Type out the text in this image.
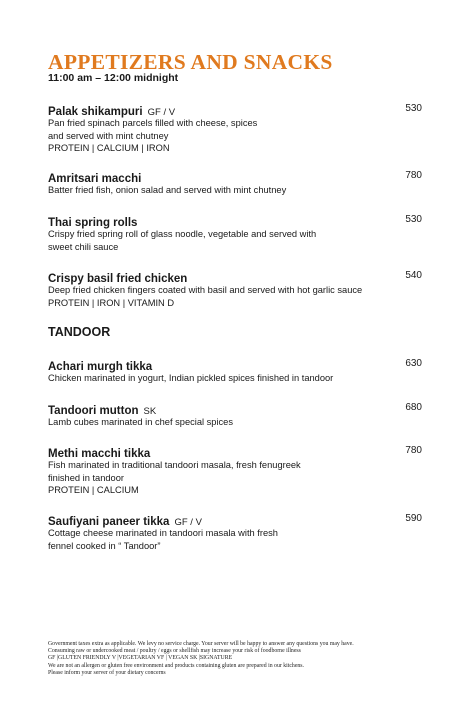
APPETIZERS AND SNACKS
11:00 am – 12:00 midnight
Palak shikampuri GF / V	530
Pan fried spinach parcels filled with cheese, spices
and served with mint chutney
PROTEIN | CALCIUM | IRON
Amritsari macchi	780
Batter fried fish, onion salad and served with mint chutney
Thai spring rolls	530
Crispy fried spring roll of glass noodle, vegetable and served with
sweet chili sauce
Crispy basil fried chicken	540
Deep fried chicken fingers coated with basil and served with hot garlic sauce
PROTEIN | IRON | VITAMIN D
TANDOOR
Achari murgh tikka	630
Chicken marinated in yogurt, Indian pickled spices finished in tandoor
Tandoori mutton SK	680
Lamb cubes marinated in chef special spices
Methi macchi tikka	780
Fish marinated in traditional tandoori masala, fresh fenugreek
finished in tandoor
PROTEIN | CALCIUM
Saufiyani paneer tikka GF / V	590
Cottage cheese marinated in tandoori masala with fresh
fennel cooked in “ Tandoor”
Government taxes extra as applicable. We levy no service charge. Your server will be happy to answer any questions you may have.
Consuming raw or undercooked meat / poultry / eggs or shellfish may increase your risk of foodborne illness
GF |GLUTEN FRIENDLY V |VEGETARIAN VF | VEGAN SK |SIGNATURE
We are not an allergen or gluten free environment and products containing gluten are prepared in our kitchens.
Please inform your server of your dietary concerns
